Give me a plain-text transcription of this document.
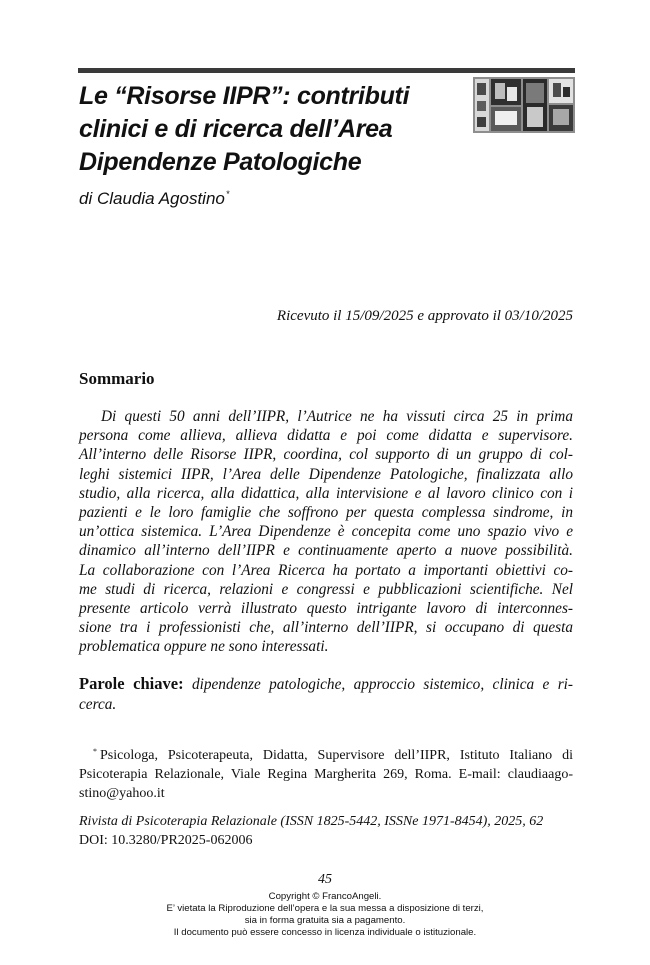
Le “Risorse IIPR”: contributi
clinici e di ricerca dell’Area
Dipendenze Patologiche
di Claudia Agostino*
Ricevuto il 15/09/2025 e approvato il 03/10/2025
Sommario
Di questi 50 anni dell’IIPR, l’Autrice ne ha vissuti circa 25 in prima
persona come allieva, allieva didatta e poi come didatta e supervisore.
All’interno delle Risorse IIPR, coordina, col supporto di un gruppo di col-
leghi sistemici IIPR, l’Area delle Dipendenze Patologiche, finalizzata allo
studio, alla ricerca, alla didattica, alla intervisione e al lavoro clinico con i
pazienti e le loro famiglie che soffrono per questa complessa sindrome, in
un’ottica sistemica. L’Area Dipendenze è concepita come uno spazio vivo e
dinamico all’interno dell’IIPR e continuamente aperto a nuove possibilità.
La collaborazione con l’Area Ricerca ha portato a importanti obiettivi co-
me studi di ricerca, relazioni e congressi e pubblicazioni scientifiche. Nel
presente articolo verrà illustrato questo intrigante lavoro di interconnes-
sione tra i professionisti che, all’interno dell’IIPR, si occupano di questa
problematica oppure ne sono interessati.
Parole chiave: dipendenze patologiche, approccio sistemico, clinica e ri-
cerca.
* Psicologa, Psicoterapeuta, Didatta, Supervisore dell’IIPR, Istituto Italiano di
Psicoterapia Relazionale, Viale Regina Margherita 269, Roma. E-mail: claudiaago-
stino@yahoo.it
Rivista di Psicoterapia Relazionale (ISSN 1825-5442, ISSNe 1971-8454), 2025, 62
DOI: 10.3280/PR2025-062006
45
Copyright © FrancoAngeli.
E’ vietata la Riproduzione dell’opera e la sua messa a disposizione di terzi,
sia in forma gratuita sia a pagamento.
Il documento può essere concesso in licenza individuale o istituzionale.
